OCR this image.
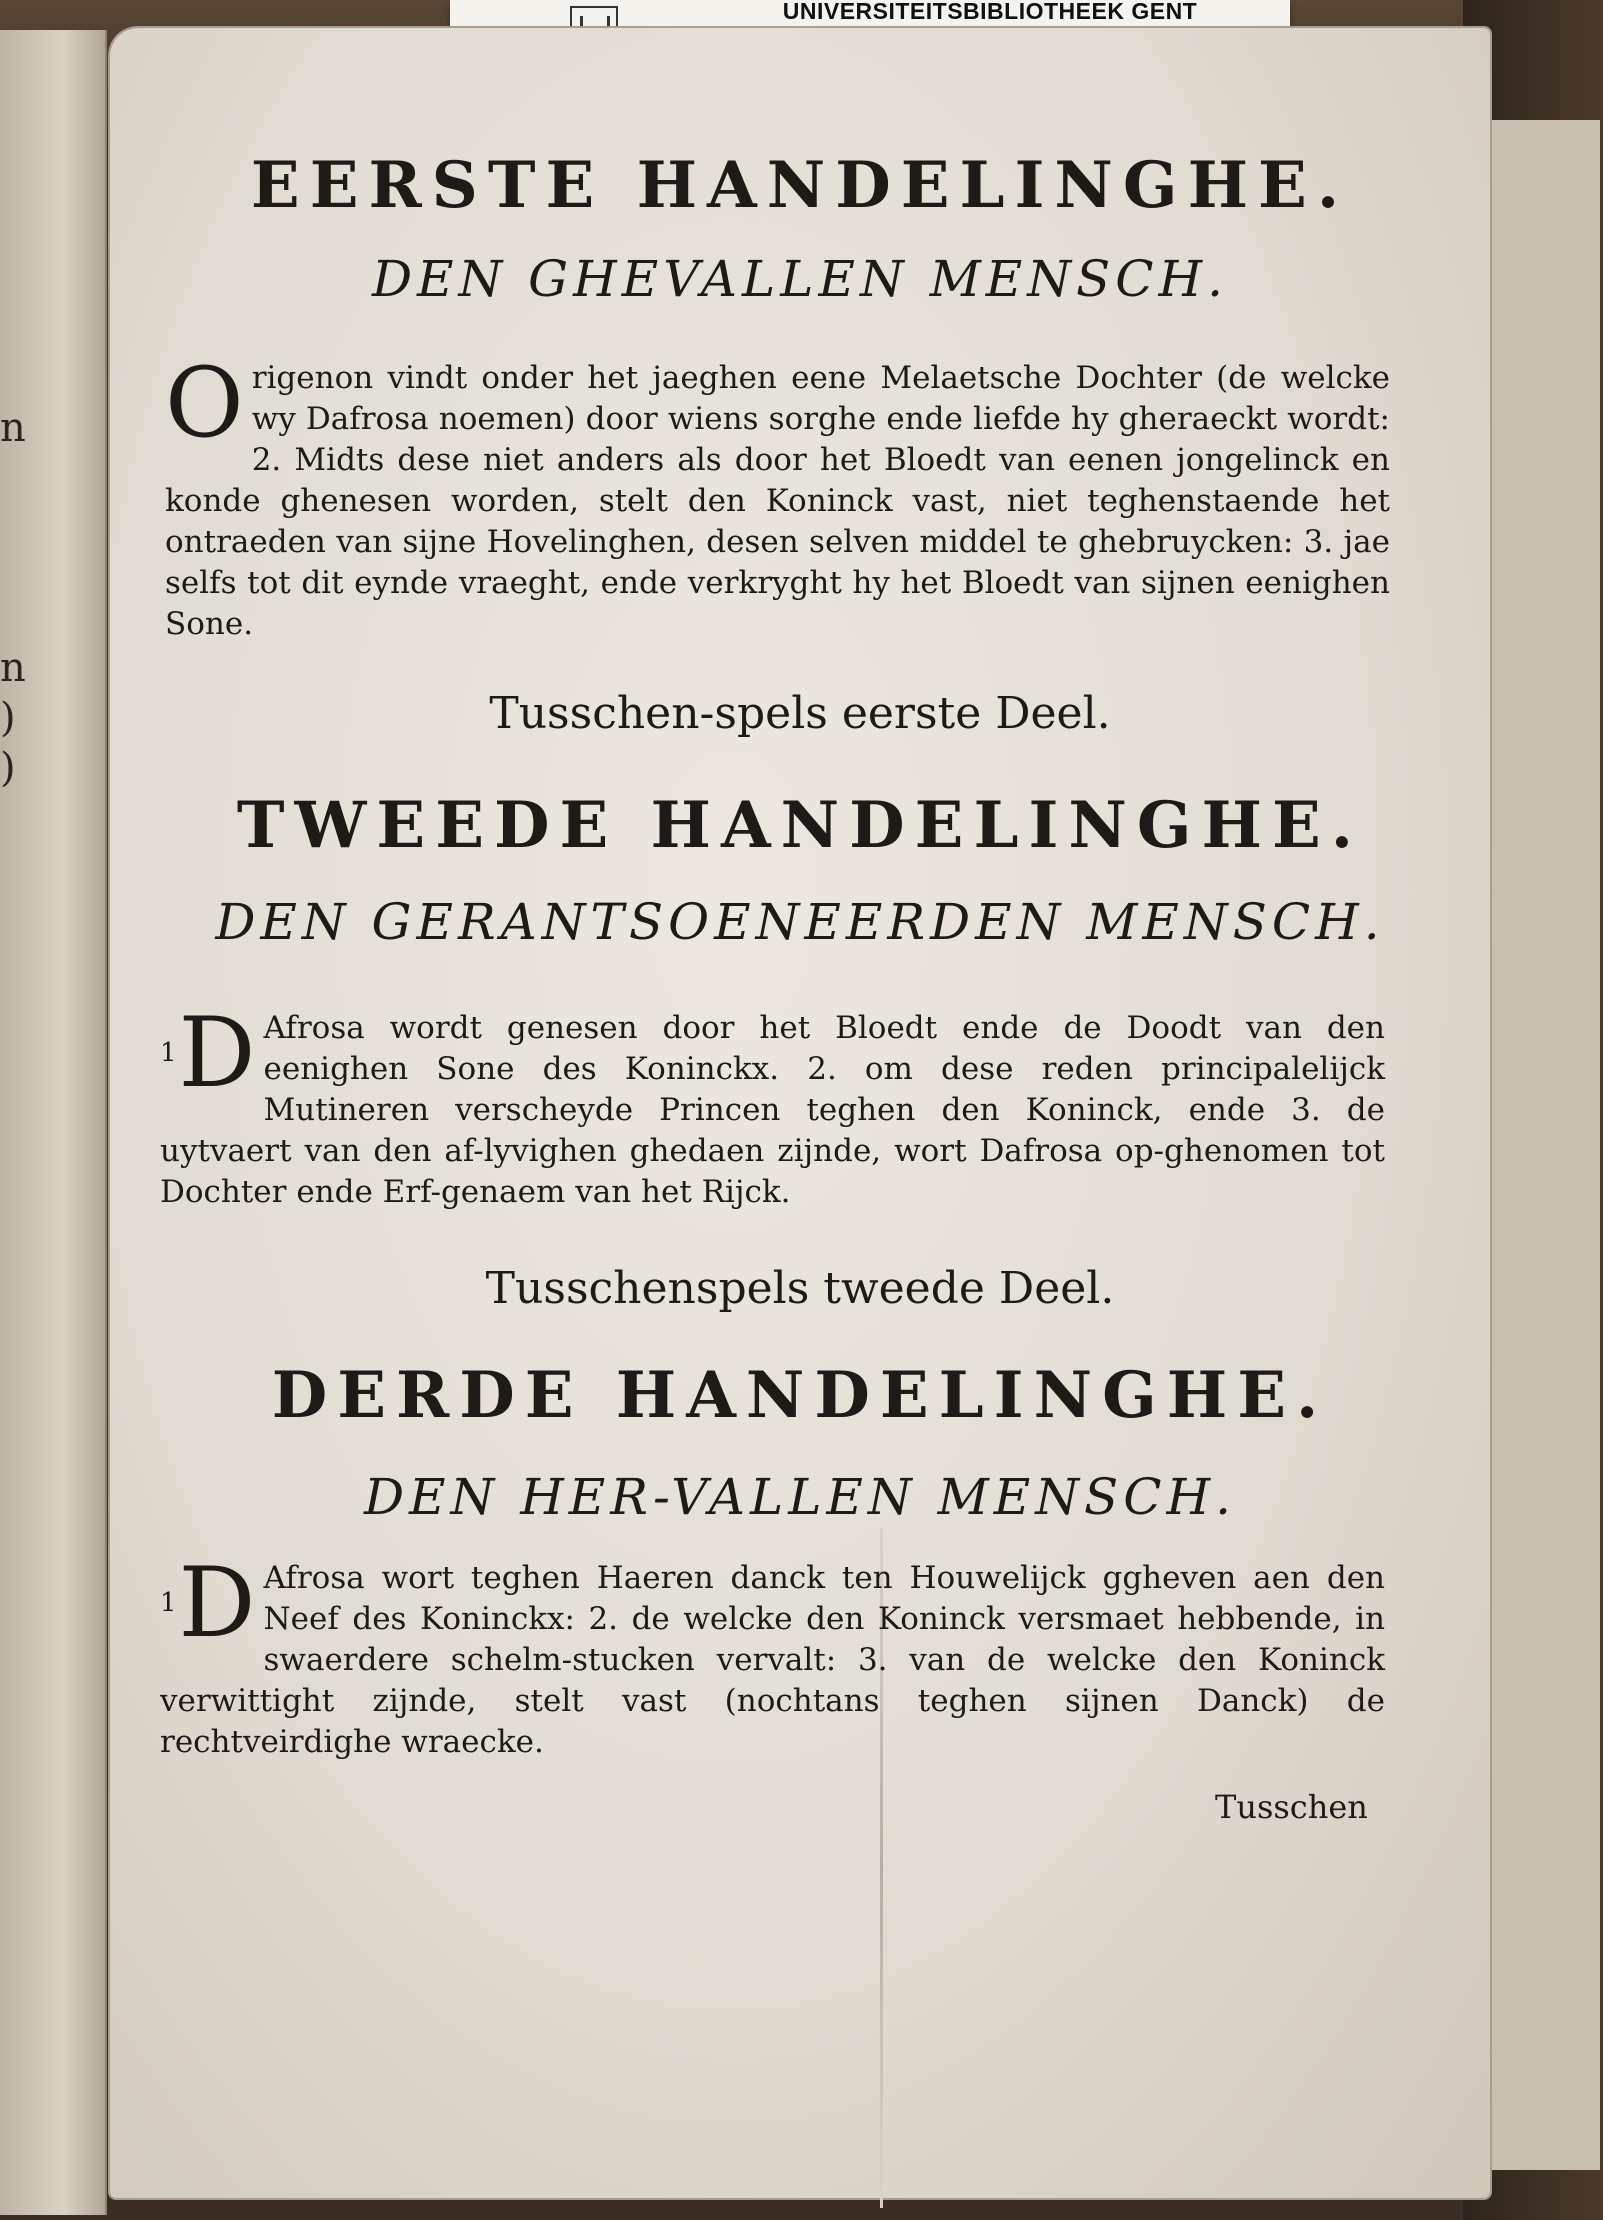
n
n
)
)
UNIVERSITEITSBIBLIOTHEEK GENT
EERSTE HANDELINGHE.
DEN GHEVALLEN MENSCH.
Origenon vindt onder het jaeghen eene Melaetsche Dochter (de welcke wy Dafrosa noemen) door wiens sorghe ende liefde hy gheraeckt wordt: 2. Midts dese niet anders als door het Bloedt van eenen jongelinck en konde ghenesen worden, stelt den Koninck vast, niet teghenstaende het ontraeden van sijne Hovelinghen, desen selven middel te ghebruycken: 3. jae selfs tot dit eynde vraeght, ende verkryght hy het Bloedt van sijnen eenighen Sone.
Tusschen-spels eerste Deel.
TWEEDE HANDELINGHE.
DEN GERANTSOENEERDEN MENSCH.
$^1$D Afrosa wordt genesen door het Bloedt ende de Doodt van den eenighen Sone des Koninckx. 2. om dese reden principalelijck Mutineren verscheyde Princen teghen den Koninck, ende 3. de uytvaert van den af-lyvighen ghedaen zijnde, wort Dafrosa op-ghenomen tot Dochter ende Erf-genaem van het Rijck.
Tusschenspels tweede Deel.
DERDE HANDELINGHE.
DEN HER-VALLEN MENSCH.
$^1$D Afrosa wort teghen Haeren danck ten Houwelijck ggheven aen den Neef des Koninckx: 2. de welcke den Koninck versmaet hebbende, in swaerdere schelm-stucken vervalt: 3. van de welcke den Koninck verwittight zijnde, stelt vast (nochtans teghen sijnen Danck) de rechtveirdighe wraecke.
Tusschen
